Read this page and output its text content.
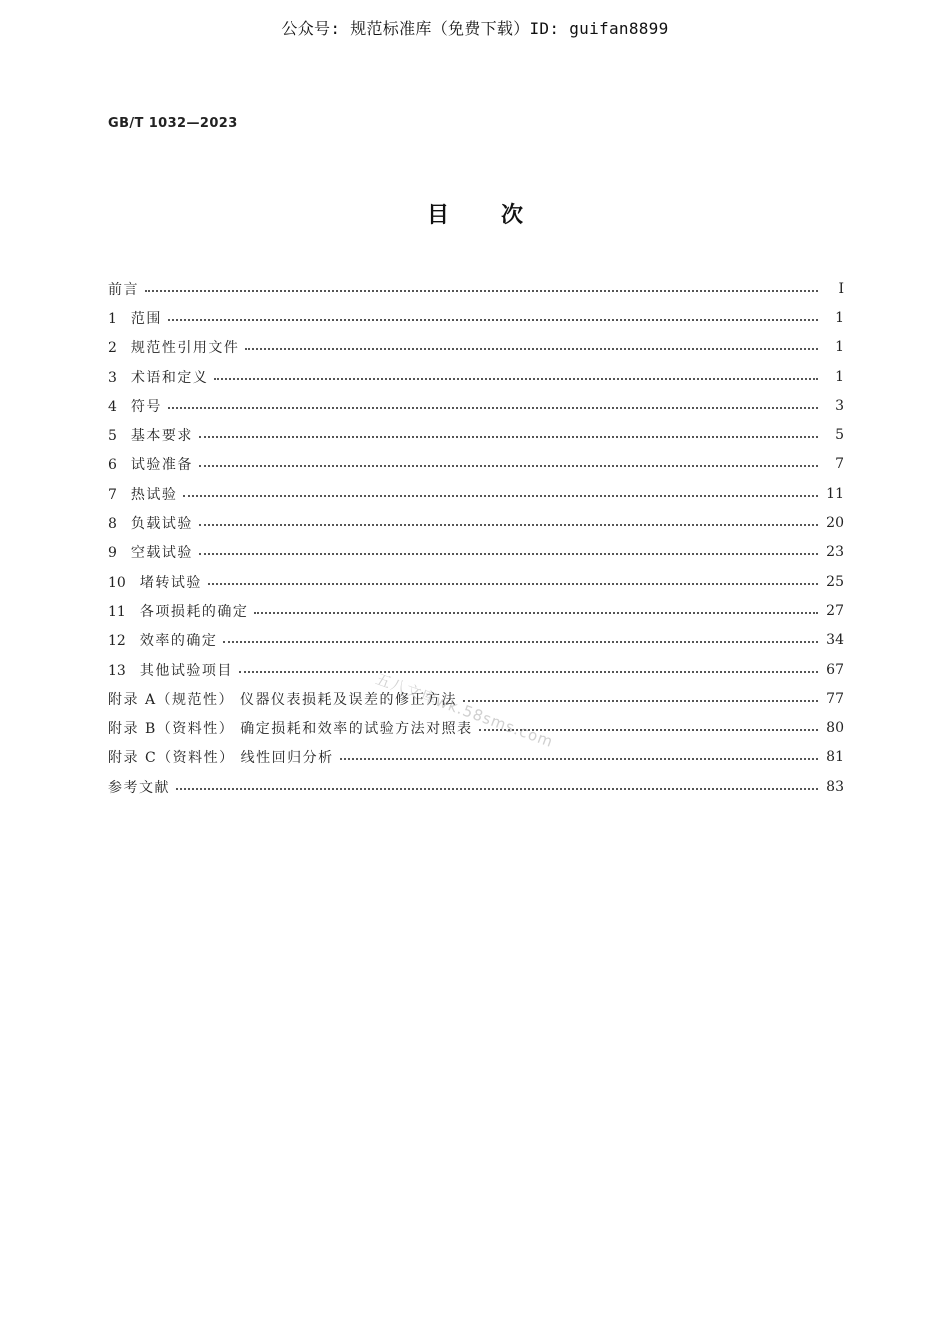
公众号: 规范标准库（免费下载）ID: guifan8899
GB/T 1032—2023
目次
前言	I
1 范围	1
2 规范性引用文件	1
3 术语和定义	1
4 符号	3
5 基本要求	5
6 试验准备	7
7 热试验	11
8 负载试验	20
9 空载试验	23
10 堵转试验	25
11 各项损耗的确定	27
12 效率的确定	34
13 其他试验项目	67
附录 A（规范性） 仪器仪表损耗及误差的修正方法	77
附录 B（资料性） 确定损耗和效率的试验方法对照表	80
附录 C（资料性） 线性回归分析	81
参考文献	83
五八文库wk.58sms.com
